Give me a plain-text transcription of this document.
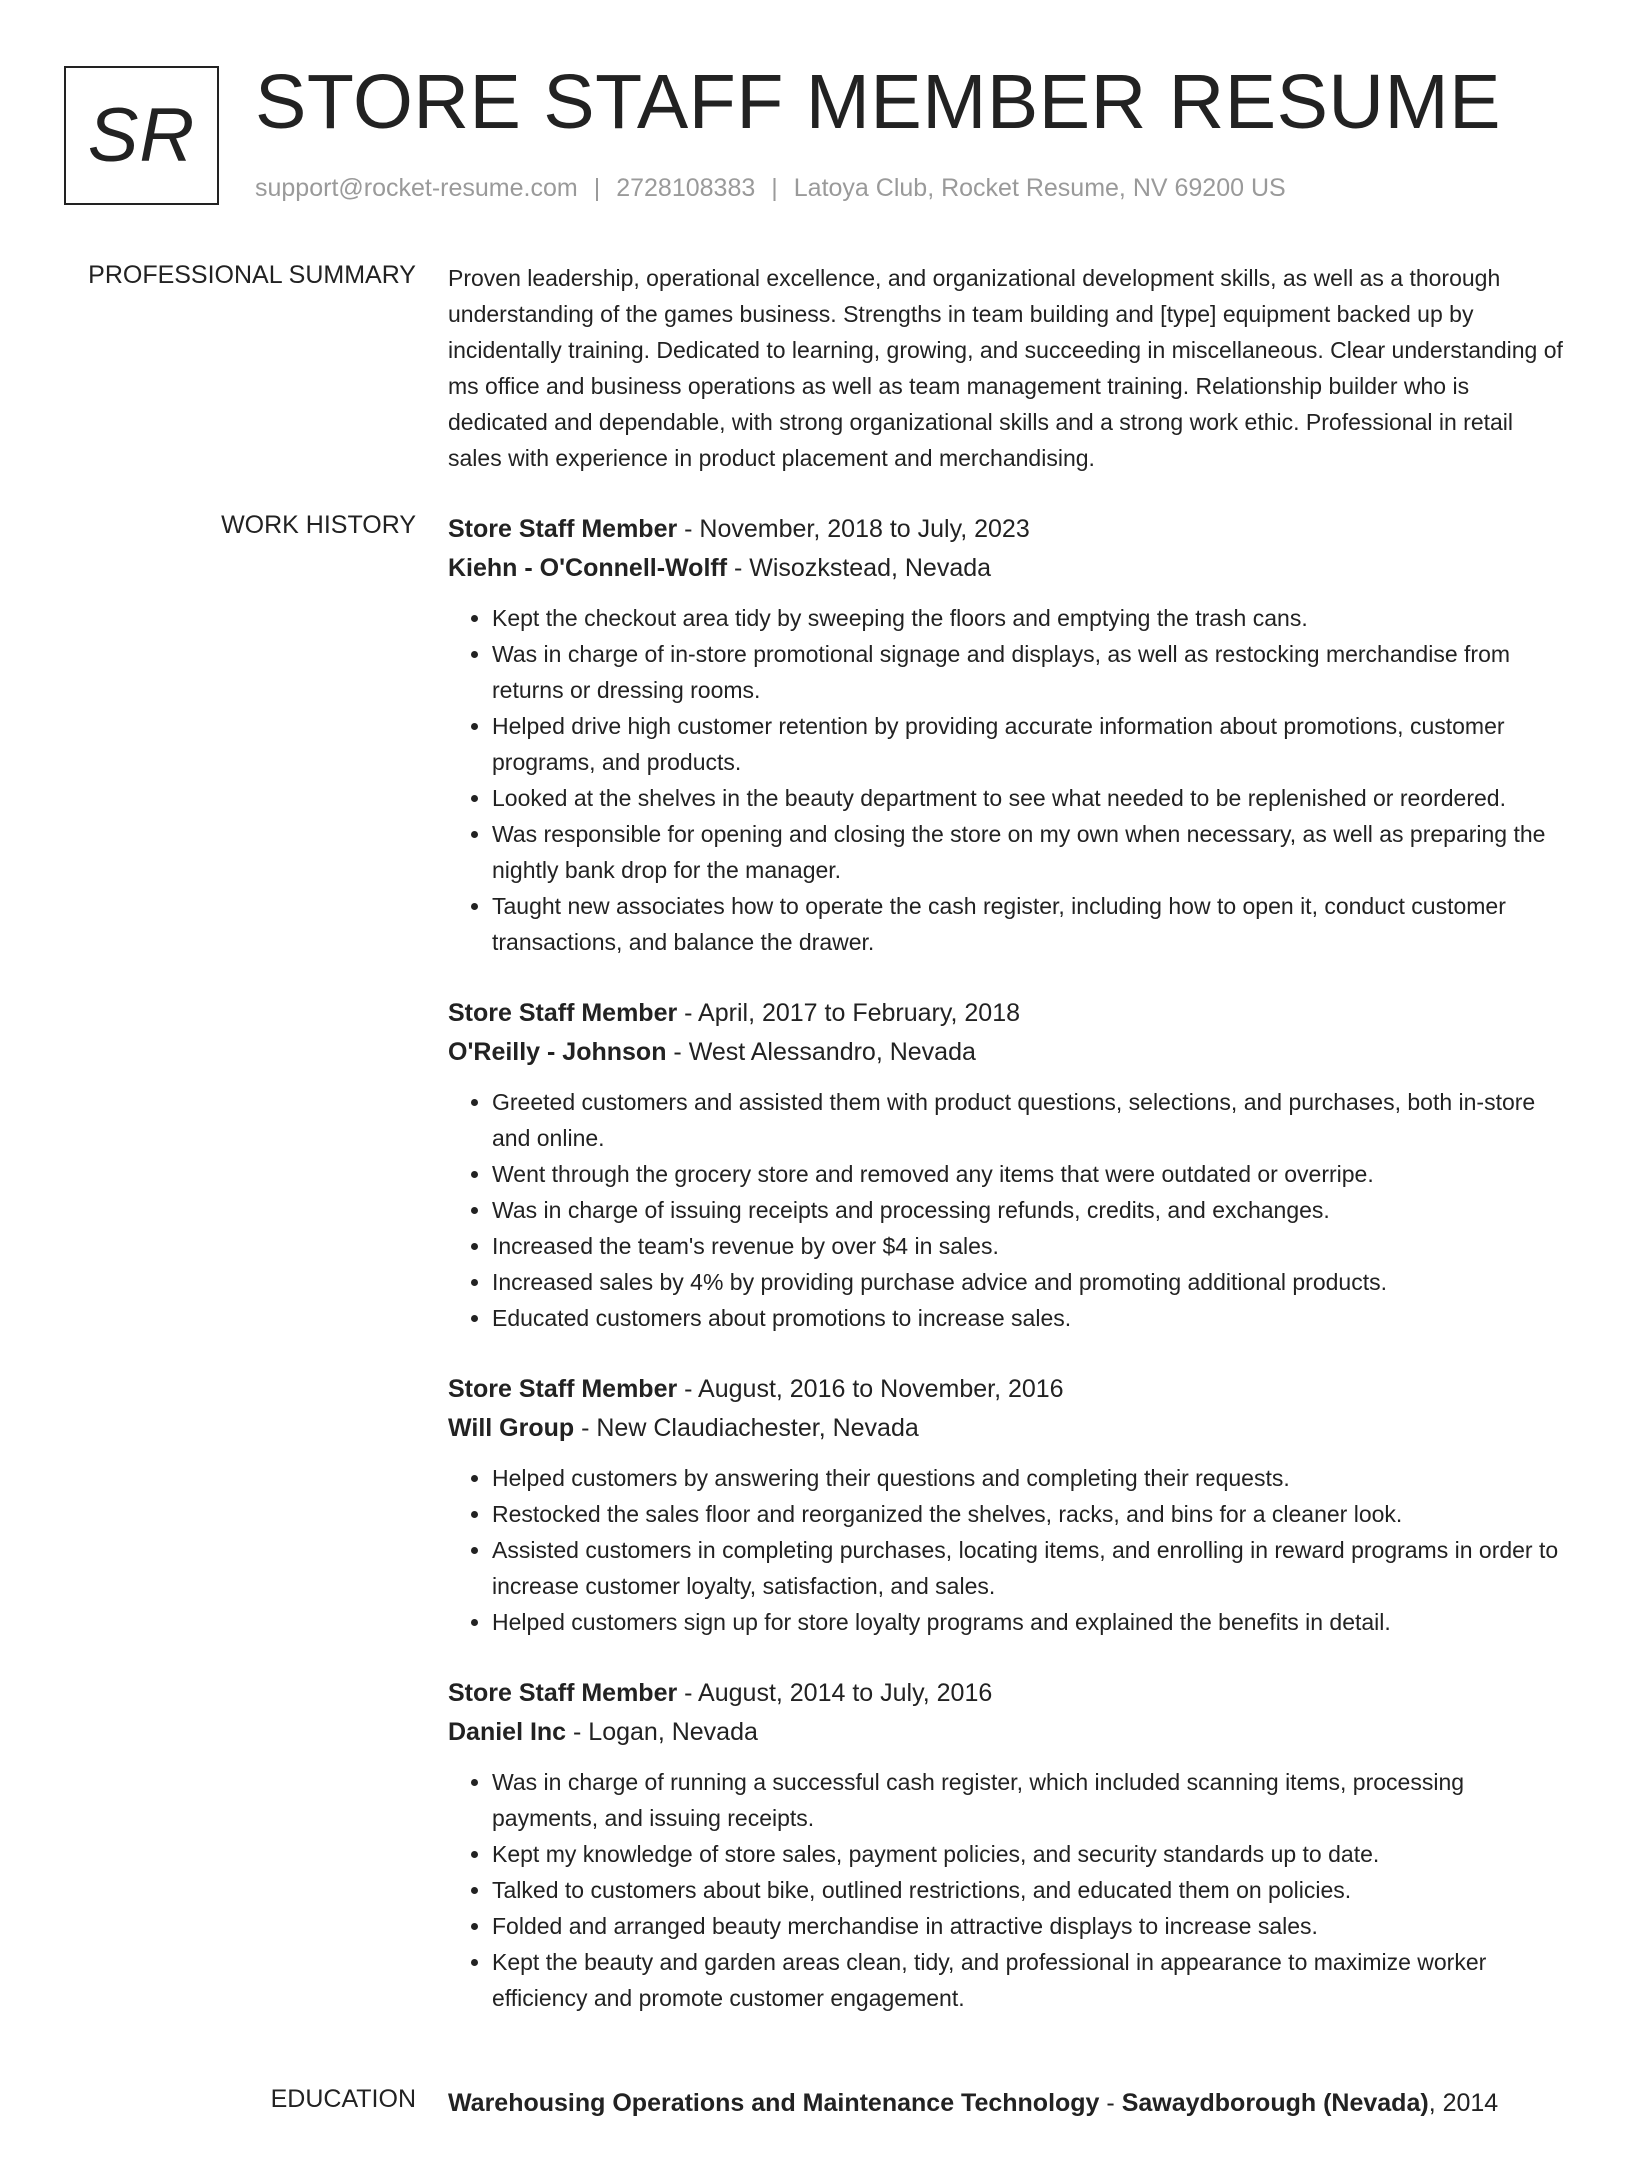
SR STORE STAFF MEMBER RESUME
support@rocket-resume.com | 2728108383 | Latoya Club, Rocket Resume, NV 69200 US
PROFESSIONAL SUMMARY Proven leadership, operational excellence, and organizational development skills, as well as a thorough understanding of the games business. Strengths in team building and [type] equipment backed up by incidentally training. Dedicated to learning, growing, and succeeding in miscellaneous. Clear understanding of ms office and business operations as well as team management training. Relationship builder who is dedicated and dependable, with strong organizational skills and a strong work ethic. Professional in retail sales with experience in product placement and merchandising.

WORK HISTORY Store Staff Member - November, 2018 to July, 2023
Kiehn - O'Connell-Wolff - Wisozkstead, Nevada
• Kept the checkout area tidy by sweeping the floors and emptying the trash cans.
• Was in charge of in-store promotional signage and displays, as well as restocking merchandise from returns or dressing rooms.
• Helped drive high customer retention by providing accurate information about promotions, customer programs, and products.
• Looked at the shelves in the beauty department to see what needed to be replenished or reordered.
• Was responsible for opening and closing the store on my own when necessary, as well as preparing the nightly bank drop for the manager.
• Taught new associates how to operate the cash register, including how to open it, conduct customer transactions, and balance the drawer.
Store Staff Member - April, 2017 to February, 2018
O'Reilly - Johnson - West Alessandro, Nevada
• Greeted customers and assisted them with product questions, selections, and purchases, both in-store and online.
• Went through the grocery store and removed any items that were outdated or overripe.
• Was in charge of issuing receipts and processing refunds, credits, and exchanges.
• Increased the team's revenue by over $4 in sales.
• Increased sales by 4% by providing purchase advice and promoting additional products.
• Educated customers about promotions to increase sales.
Store Staff Member - August, 2016 to November, 2016
Will Group - New Claudiachester, Nevada
• Helped customers by answering their questions and completing their requests.
• Restocked the sales floor and reorganized the shelves, racks, and bins for a cleaner look.
• Assisted customers in completing purchases, locating items, and enrolling in reward programs in order to increase customer loyalty, satisfaction, and sales.
• Helped customers sign up for store loyalty programs and explained the benefits in detail.
Store Staff Member - August, 2014 to July, 2016
Daniel Inc - Logan, Nevada
• Was in charge of running a successful cash register, which included scanning items, processing payments, and issuing receipts.
• Kept my knowledge of store sales, payment policies, and security standards up to date.
• Talked to customers about bike, outlined restrictions, and educated them on policies.
• Folded and arranged beauty merchandise in attractive displays to increase sales.
• Kept the beauty and garden areas clean, tidy, and professional in appearance to maximize worker efficiency and promote customer engagement.
EDUCATION Warehousing Operations and Maintenance Technology - Sawaydborough (Nevada), 2014
